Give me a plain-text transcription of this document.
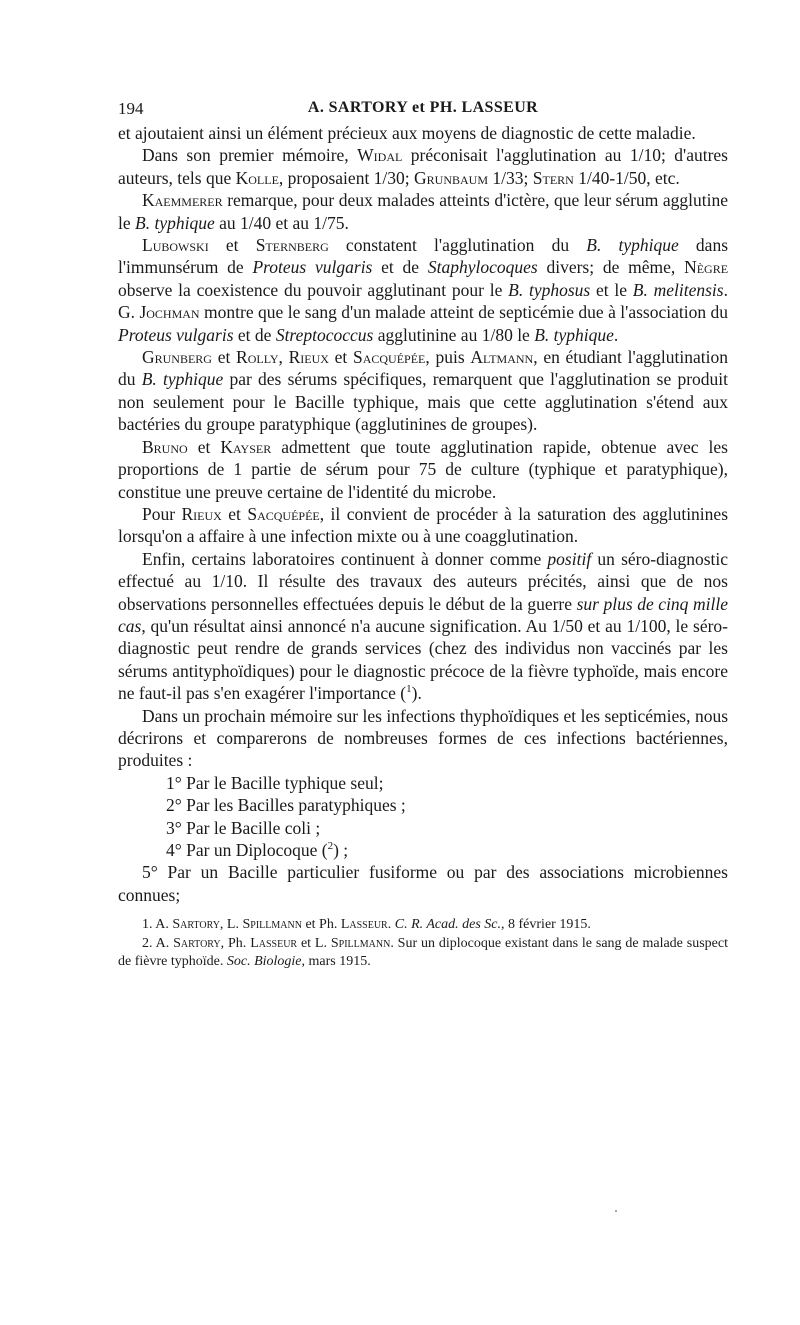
194	A. SARTORY et PH. LASSEUR

et ajoutaient ainsi un élément précieux aux moyens de diagnostic de cette maladie.

Dans son premier mémoire, Widal préconisait l'agglutination au 1/10; d'autres auteurs, tels que Kolle, proposaient 1/30; Grunbaum 1/33; Stern 1/40-1/50, etc.

Kaemmerer remarque, pour deux malades atteints d'ictère, que leur sérum agglutine le B. typhique au 1/40 et au 1/75.

Lubowski et Sternberg constatent l'agglutination du B. typhique dans l'immunsérum de Proteus vulgaris et de Staphylocoques divers; de même, Nègre observe la coexistence du pouvoir agglutinant pour le B. typhosus et le B. melitensis. G. Jochman montre que le sang d'un malade atteint de septicémie due à l'association du Proteus vulgaris et de Streptococcus agglutinine au 1/80 le B. typhique.

Grunberg et Rolly, Rieux et Sacquépée, puis Altmann, en étudiant l'agglutination du B. typhique par des sérums spécifiques, remarquent que l'agglutination se produit non seulement pour le Bacille typhique, mais que cette agglutination s'étend aux bactéries du groupe paratyphique (agglutinines de groupes).

Bruno et Kayser admettent que toute agglutination rapide, obtenue avec les proportions de 1 partie de sérum pour 75 de culture (typhique et paratyphique), constitue une preuve certaine de l'identité du microbe.

Pour Rieux et Sacquépée, il convient de procéder à la saturation des agglutinines lorsqu'on a affaire à une infection mixte ou à une coagglutination.

Enfin, certains laboratoires continuent à donner comme positif un séro-diagnostic effectué au 1/10. Il résulte des travaux des auteurs précités, ainsi que de nos observations personnelles effectuées depuis le début de la guerre sur plus de cinq mille cas, qu'un résultat ainsi annoncé n'a aucune signification. Au 1/50 et au 1/100, le séro-diagnostic peut rendre de grands services (chez des individus non vaccinés par les sérums antityphoïdiques) pour le diagnostic précoce de la fièvre typhoïde, mais encore ne faut-il pas s'en exagérer l'importance ($^1$).

Dans un prochain mémoire sur les infections thyphoïdiques et les septicémies, nous décrirons et comparerons de nombreuses formes de ces infections bactériennes, produites :

1° Par le Bacille typhique seul;

2° Par les Bacilles paratyphiques ;

3° Par le Bacille coli ;

4° Par un Diplocoque ($^2$) ;

5° Par un Bacille particulier fusiforme ou par des associations microbiennes connues;

1. A. Sartory, L. Spillmann et Ph. Lasseur. C. R. Acad. des Sc., 8 février 1915.

2. A. Sartory, Ph. Lasseur et L. Spillmann. Sur un diplocoque existant dans le sang de malade suspect de fièvre typhoïde. Soc. Biologie, mars 1915.
